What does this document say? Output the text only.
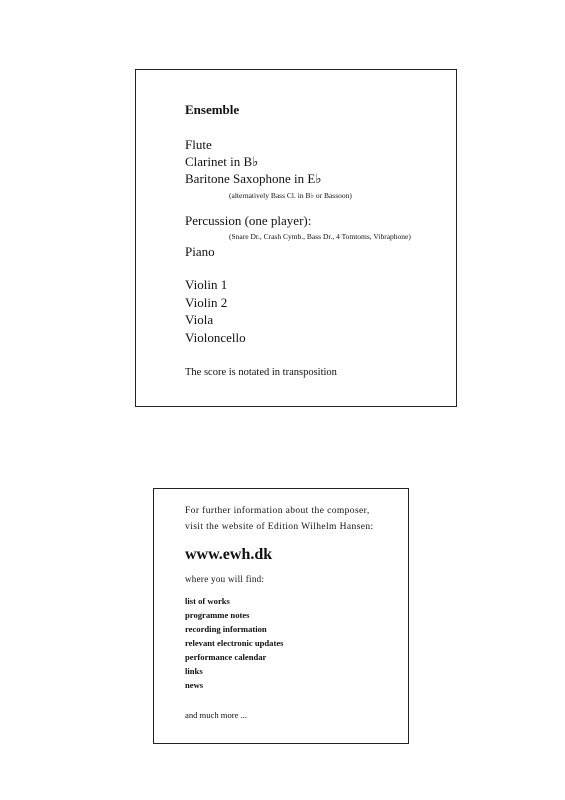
Ensemble
Flute
Clarinet in B♭
Baritone Saxophone in E♭
(alternatively Bass Cl. in B♭ or Bassoon)
Percussion (one player):
(Snare Dr., Crash Cymb., Bass Dr., 4 Tomtoms, Vibraphone)
Piano
Violin 1
Violin 2
Viola
Violoncello
The score is notated in transposition
For further information about the composer,
visit the website of Edition Wilhelm Hansen:
www.ewh.dk
where you will find:
list of works
programme notes
recording information
relevant electronic updates
performance calendar
links
news
and much more ...
